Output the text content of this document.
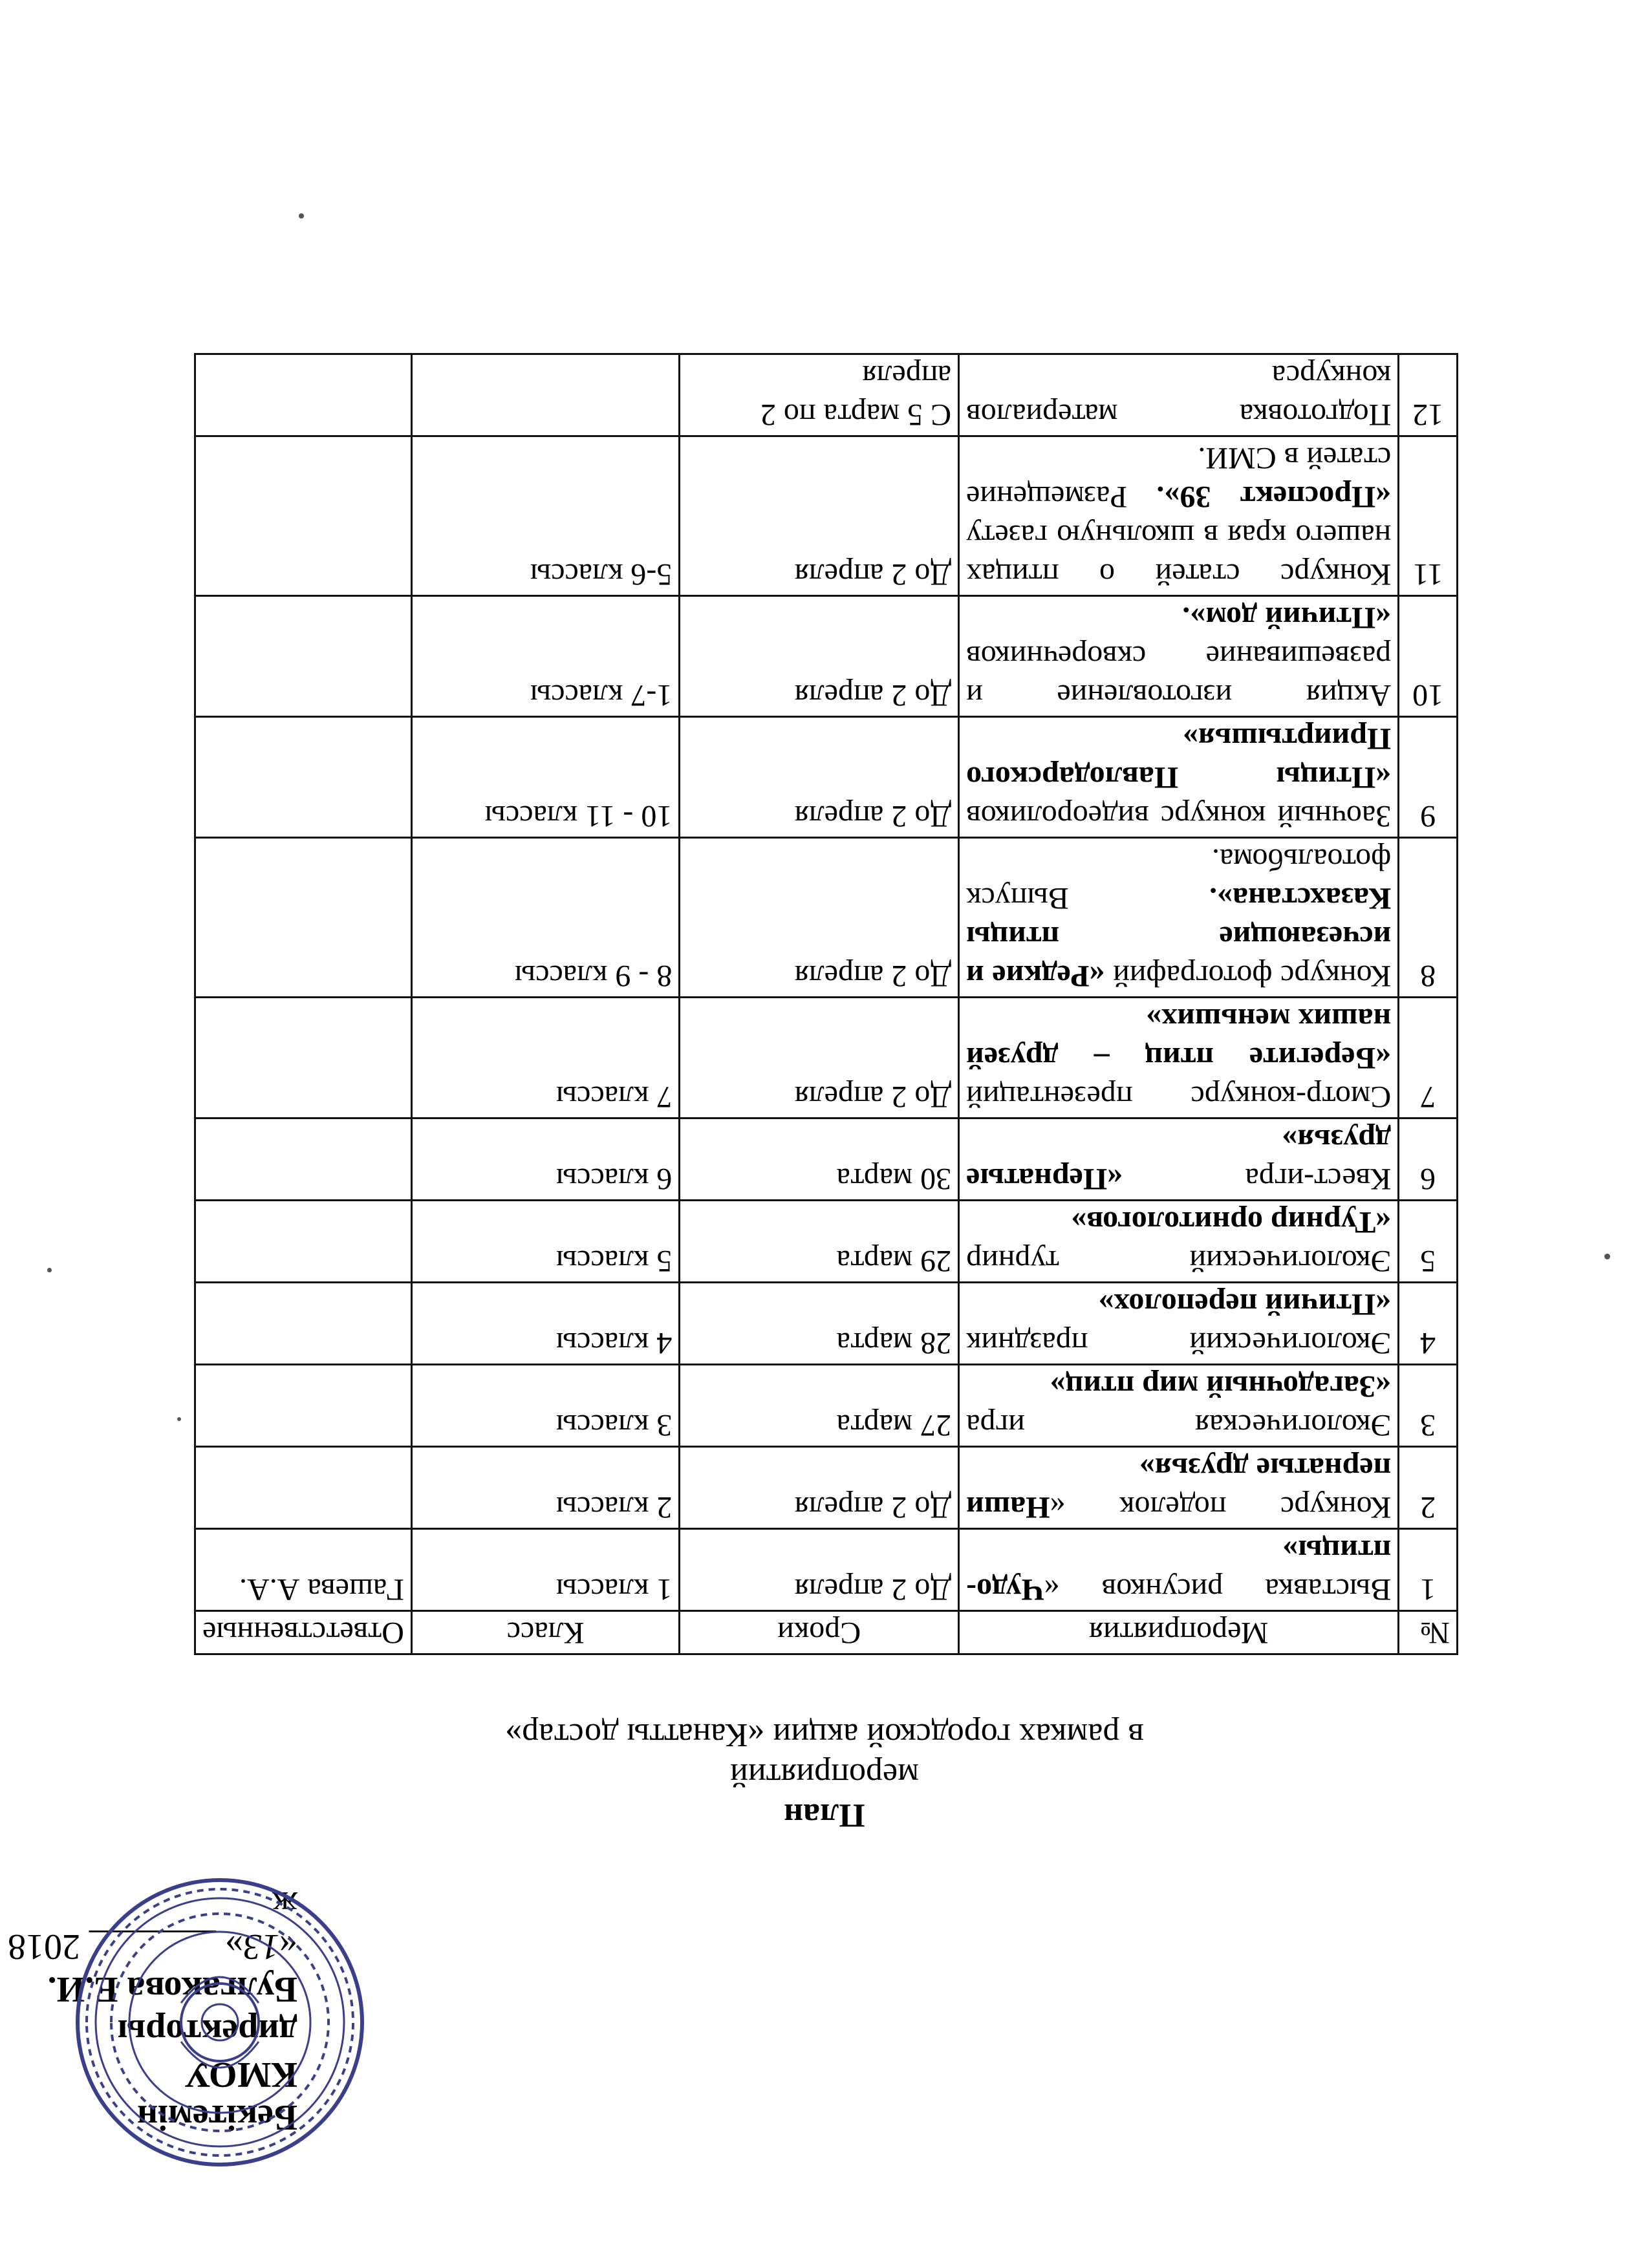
Бекітемін
КМОУ директоры
Булгакова Е.И.
«13» _______ 2018 ж
План
мероприятий
в рамках городской акции «Канатты достар»
№	Мероприятия	Сроки	Класс	Ответственные
1	Выставка рисунков «Чудо-птицы»	До 2 апреля	1 классы	Гашева А.А.
2	Конкурс поделок «Наши пернатые друзья»	До 2 апреля	2 классы	
3	Экологическая игра «Загадочный мир птиц»	27 марта	3 классы	
4	Экологический праздник «Птичий переполох»	28 марта	4 классы	
5	Экологический турнир «Турнир орнитологов»	29 марта	5 классы	
6	Квест-игра «Пернатые друзья»	30 марта	6 классы	
7	Смотр-конкурс презентаций «Берегите птиц – друзей наших меньших»	До 2 апреля	7 классы	
8	Конкурс фотографий «Редкие и исчезающие птицы Казахстана». Выпуск фотоальбома.	До 2 апреля	8 - 9 классы	
9	Заочный конкурс видеороликов «Птицы Павлодарского Прииртышья»	До 2 апреля	10 - 11 классы	
10	Акция изготовление и развешивание скворечников «Птичий дом».	До 2 апреля	1-7 классы	
11	Конкурс статей о птицах нашего края в школьную газету «Проспект 39». Размещение статей в СМИ.	До 2 апреля	5-6 классы	
12	Подготовка материалов конкурса	С 5 марта по 2 апреля		
